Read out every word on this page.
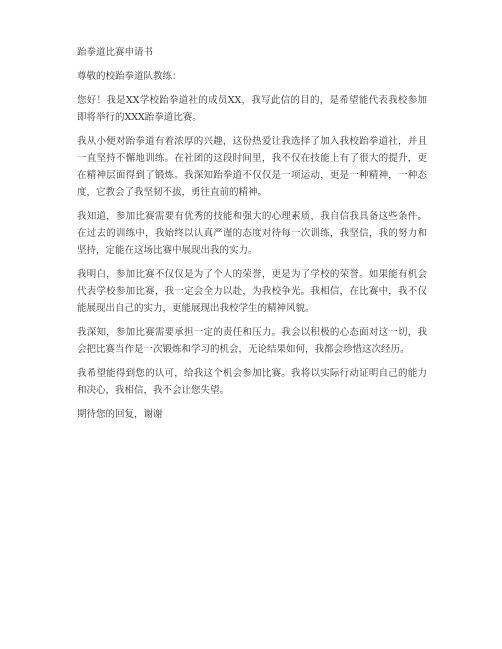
跆拳道比赛申请书

尊敬的校跆拳道队教练：

您好！我是XX学校跆拳道社的成员XX，我写此信的目的，是希望能代表我校参加即将举行的XXX跆拳道比赛。

我从小便对跆拳道有着浓厚的兴趣，这份热爱让我选择了加入我校跆拳道社，并且一直坚持不懈地训练。在社团的这段时间里，我不仅在技能上有了很大的提升，更在精神层面得到了锻炼。我深知跆拳道不仅仅是一项运动，更是一种精神，一种态度，它教会了我坚韧不拔，勇往直前的精神。

我知道，参加比赛需要有优秀的技能和强大的心理素质，我自信我具备这些条件。在过去的训练中，我始终以认真严谨的态度对待每一次训练，我坚信，我的努力和坚持，定能在这场比赛中展现出我的实力。

我明白，参加比赛不仅仅是为了个人的荣誉，更是为了学校的荣誉。如果能有机会代表学校参加比赛，我一定会全力以赴，为我校争光。我相信，在比赛中，我不仅能展现出自己的实力，更能展现出我校学生的精神风貌。

我深知，参加比赛需要承担一定的责任和压力。我会以积极的心态面对这一切，我会把比赛当作是一次锻炼和学习的机会，无论结果如何，我都会珍惜这次经历。

我希望能得到您的认可，给我这个机会参加比赛。我将以实际行动证明自己的能力和决心，我相信，我不会让您失望。

期待您的回复，谢谢
